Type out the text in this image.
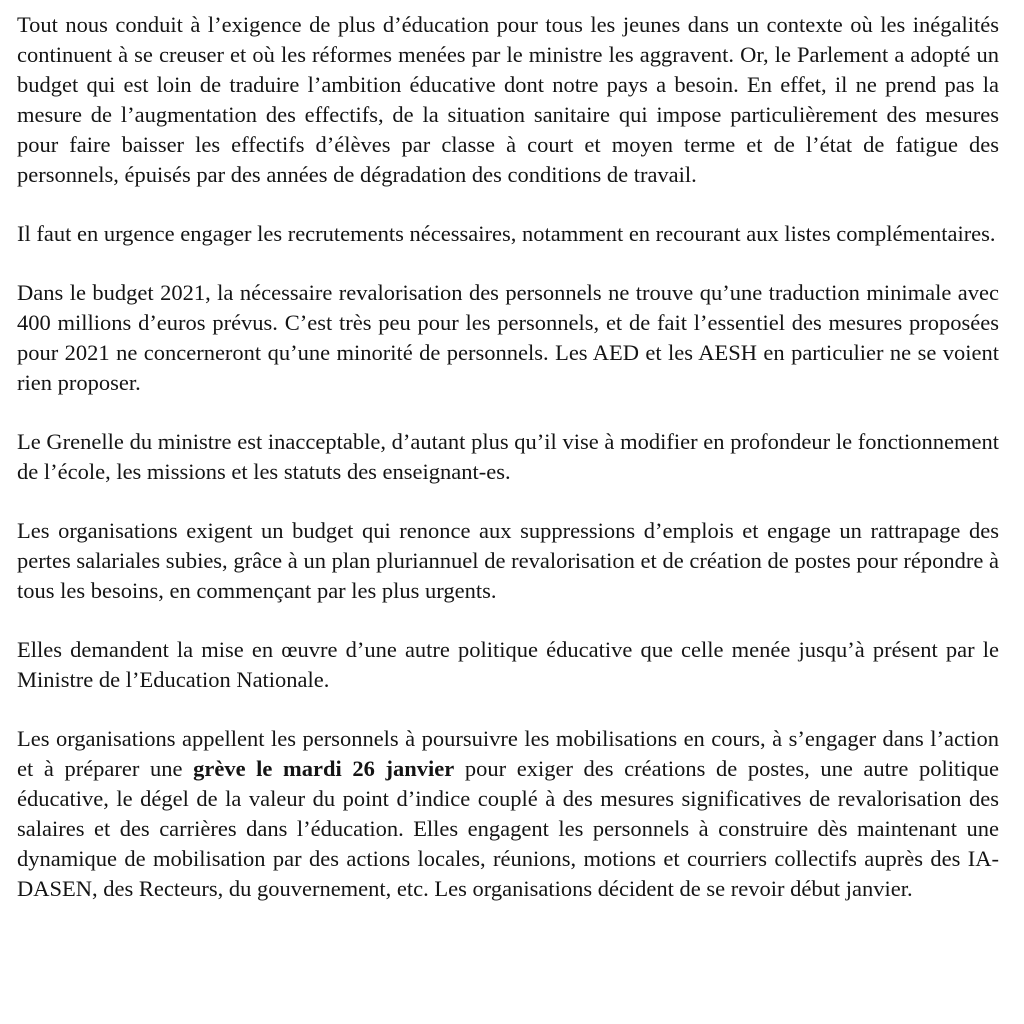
Tout nous conduit à l’exigence de plus d’éducation pour tous les jeunes dans un contexte où les inégalités continuent à se creuser et où les réformes menées par le ministre les aggravent. Or, le Parlement a adopté un budget qui est loin de traduire l’ambition éducative dont notre pays a besoin. En effet, il ne prend pas la mesure de l’augmentation des effectifs, de la situation sanitaire qui impose particulièrement des mesures pour faire baisser les effectifs d’élèves par classe à court et moyen terme et de l’état de fatigue des personnels, épuisés par des années de dégradation des conditions de travail.

Il faut en urgence engager les recrutements nécessaires, notamment en recourant aux listes complémentaires.

Dans le budget 2021, la nécessaire revalorisation des personnels ne trouve qu’une traduction minimale avec 400 millions d’euros prévus. C’est très peu pour les personnels, et de fait l’essentiel des mesures proposées pour 2021 ne concerneront qu’une minorité de personnels. Les AED et les AESH en particulier ne se voient rien proposer.

Le Grenelle du ministre est inacceptable, d’autant plus qu’il vise à modifier en profondeur le fonctionnement de l’école, les missions et les statuts des enseignant-es.

Les organisations exigent un budget qui renonce aux suppressions d’emplois et engage un rattrapage des pertes salariales subies, grâce à un plan pluriannuel de revalorisation et de création de postes pour répondre à tous les besoins, en commençant par les plus urgents.

Elles demandent la mise en œuvre d’une autre politique éducative que celle menée jusqu’à présent par le Ministre de l’Education Nationale.

Les organisations appellent les personnels à poursuivre les mobilisations en cours, à s’engager dans l’action et à préparer une grève le mardi 26 janvier pour exiger des créations de postes, une autre politique éducative, le dégel de la valeur du point d’indice couplé à des mesures significatives de revalorisation des salaires et des carrières dans l’éducation. Elles engagent les personnels à construire dès maintenant une dynamique de mobilisation par des actions locales, réunions, motions et courriers collectifs auprès des IA-DASEN, des Recteurs, du gouvernement, etc. Les organisations décident de se revoir début janvier.
